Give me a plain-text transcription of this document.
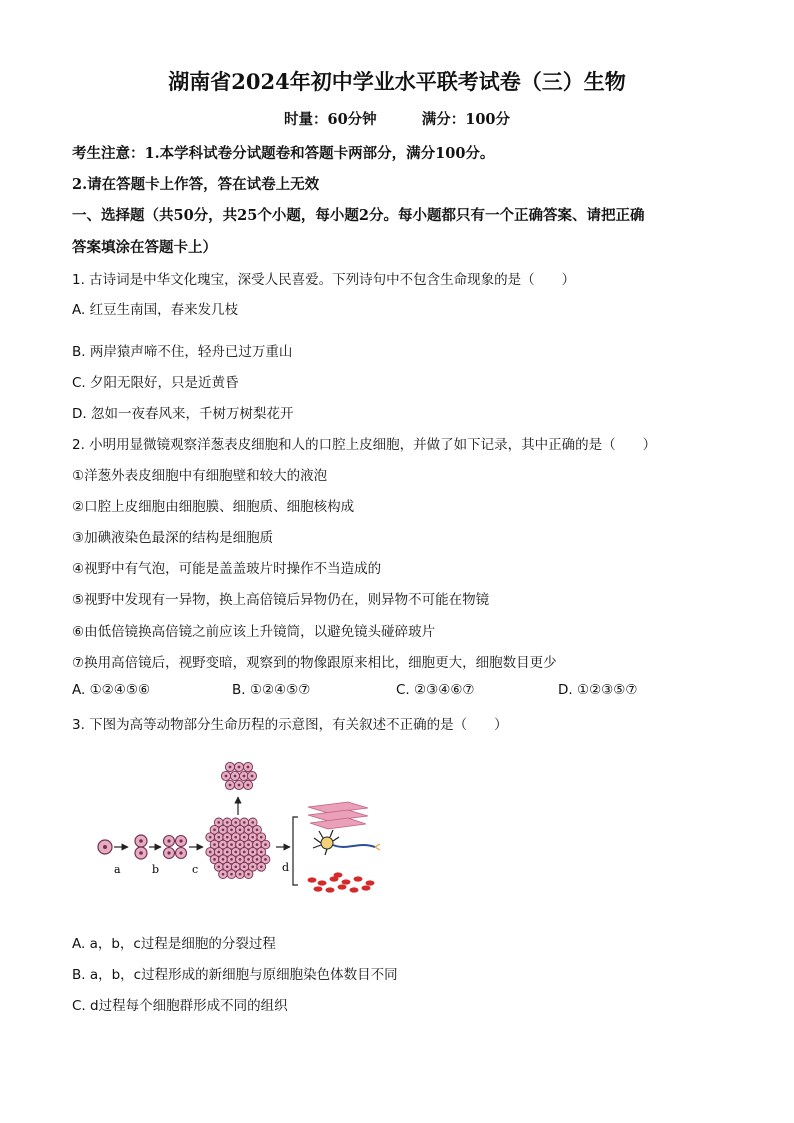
湖南省2024年初中学业水平联考试卷（三）生物
时量：60分钟	满分：100分
考生注意：1.本学科试卷分试题卷和答题卡两部分，满分100分。
2.请在答题卡上作答，答在试卷上无效
一、选择题（共50分，共25个小题，每小题2分。每小题都只有一个正确答案、请把正确
答案填涂在答题卡上）
1. 古诗词是中华文化瑰宝，深受人民喜爱。下列诗句中不包含生命现象的是（　　）
A. 红豆生南国，春来发几枝
B. 两岸猿声啼不住，轻舟已过万重山
C. 夕阳无限好，只是近黄昏
D. 忽如一夜春风来，千树万树梨花开
2. 小明用显微镜观察洋葱表皮细胞和人的口腔上皮细胞，并做了如下记录，其中正确的是（　　）
①洋葱外表皮细胞中有细胞壁和较大的液泡
②口腔上皮细胞由细胞膜、细胞质、细胞核构成
③加碘液染色最深的结构是细胞质
④视野中有气泡，可能是盖盖玻片时操作不当造成的
⑤视野中发现有一异物，换上高倍镜后异物仍在，则异物不可能在物镜
⑥由低倍镜换高倍镜之前应该上升镜筒，以避免镜头碰碎玻片
⑦换用高倍镜后，视野变暗，观察到的物像跟原来相比，细胞更大，细胞数目更少
A. ①②④⑤⑥	B. ①②④⑤⑦	C. ②③④⑥⑦	D. ①②③⑤⑦
3. 下图为高等动物部分生命历程的示意图，有关叙述不正确的是（　　）
a	b	c	d
A. a，b，c过程是细胞的分裂过程
B. a，b，c过程形成的新细胞与原细胞染色体数目不同
C. d过程每个细胞群形成不同的组织
